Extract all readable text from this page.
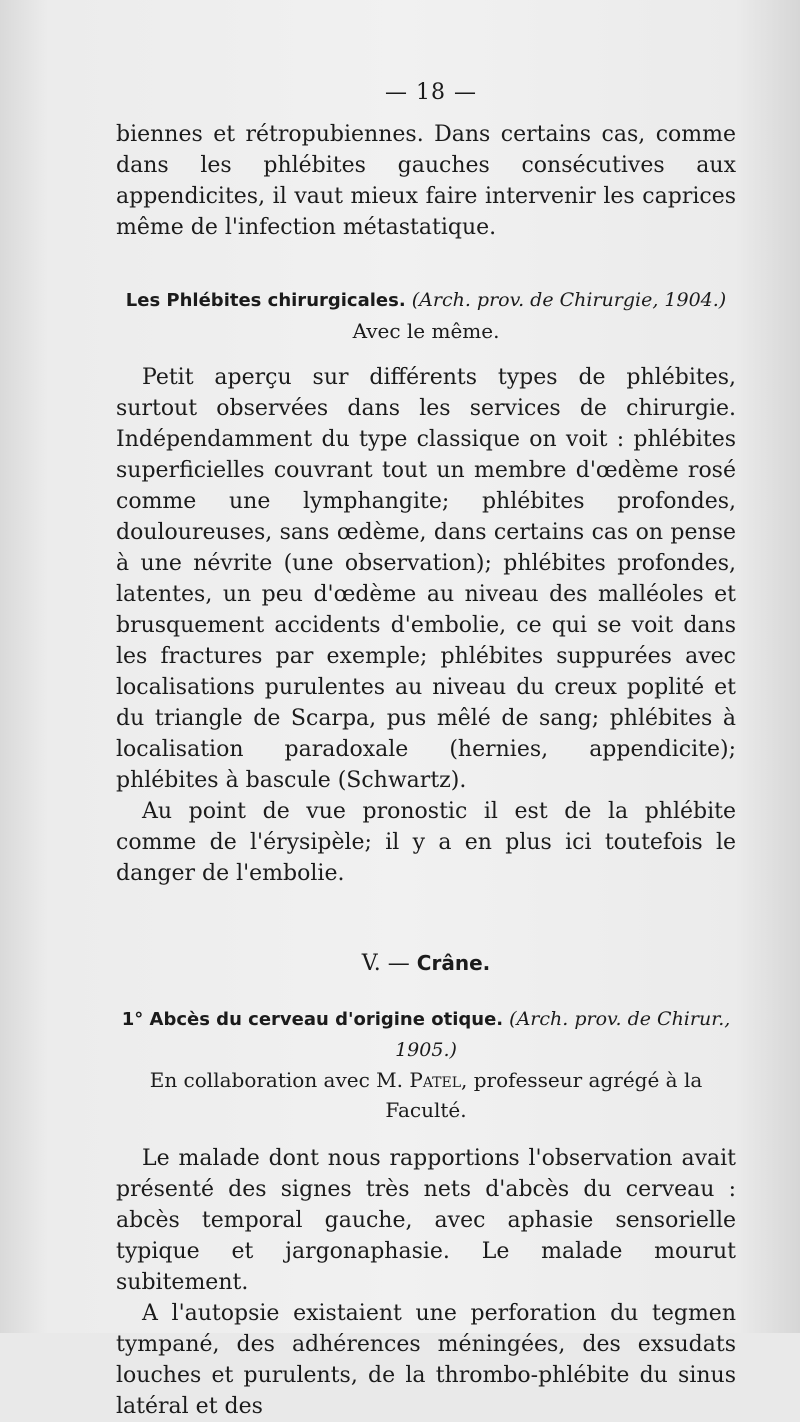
— 18 —

biennes et rétropubiennes. Dans certains cas, comme dans les phlébites gauches consécutives aux appendicites, il vaut mieux faire intervenir les caprices même de l'infection métastatique.

Les Phlébites chirurgicales. (Arch. prov. de Chirurgie, 1904.)

Avec le même.

Petit aperçu sur différents types de phlébites, surtout observées dans les services de chirurgie. Indépendamment du type classique on voit : phlébites superficielles couvrant tout un membre d'œdème rosé comme une lymphangite; phlébites profondes, douloureuses, sans œdème, dans certains cas on pense à une névrite (une observation); phlébites profondes, latentes, un peu d'œdème au niveau des malléoles et brusquement accidents d'embolie, ce qui se voit dans les fractures par exemple; phlébites suppurées avec localisations purulentes au niveau du creux poplité et du triangle de Scarpa, pus mêlé de sang; phlébites à localisation paradoxale (hernies, appendicite); phlébites à bascule (Schwartz).

Au point de vue pronostic il est de la phlébite comme de l'érysipèle; il y a en plus ici toutefois le danger de l'embolie.

V. — Crâne.

1° Abcès du cerveau d'origine otique. (Arch. prov. de Chirur., 1905.)

En collaboration avec M. Patel, professeur agrégé à la Faculté.

Le malade dont nous rapportions l'observation avait présenté des signes très nets d'abcès du cerveau : abcès temporal gauche, avec aphasie sensorielle typique et jargonaphasie. Le malade mourut subitement.

A l'autopsie existaient une perforation du tegmen tympané, des adhérences méningées, des exsudats louches et purulents, de la thrombo-phlébite du sinus latéral et des
